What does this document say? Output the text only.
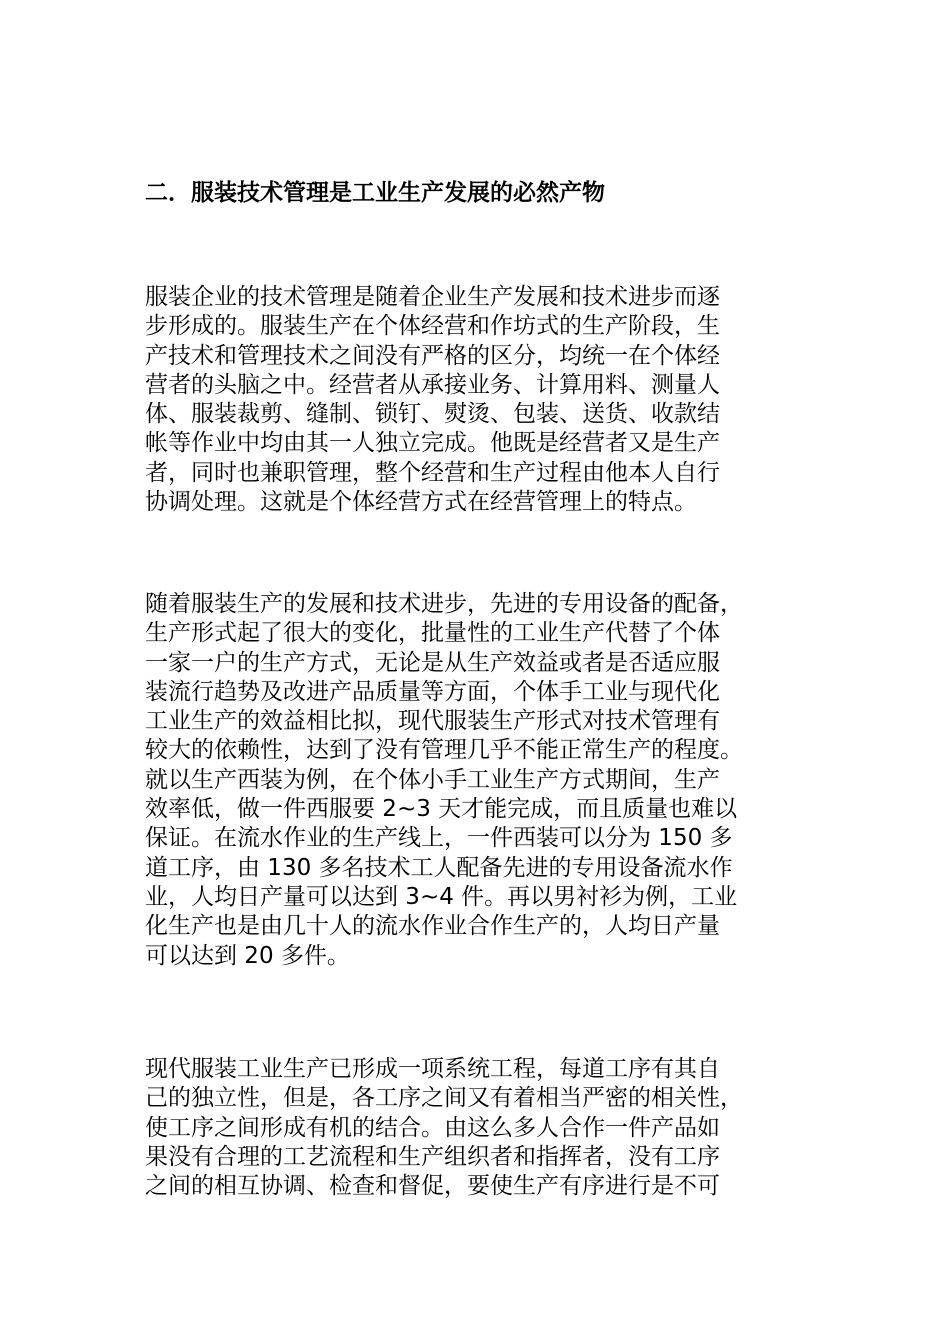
二．服装技术管理是工业生产发展的必然产物
服装企业的技术管理是随着企业生产发展和技术进步而逐
步形成的。服装生产在个体经营和作坊式的生产阶段，生
产技术和管理技术之间没有严格的区分，均统一在个体经
营者的头脑之中。经营者从承接业务、计算用料、测量人
体、服装裁剪、缝制、锁钉、熨烫、包装、送货、收款结
帐等作业中均由其一人独立完成。他既是经营者又是生产
者，同时也兼职管理，整个经营和生产过程由他本人自行
协调处理。这就是个体经营方式在经营管理上的特点。
随着服装生产的发展和技术进步，先进的专用设备的配备，
生产形式起了很大的变化，批量性的工业生产代替了个体
一家一户的生产方式，无论是从生产效益或者是否适应服
装流行趋势及改进产品质量等方面，个体手工业与现代化
工业生产的效益相比拟，现代服装生产形式对技术管理有
较大的依赖性，达到了没有管理几乎不能正常生产的程度。
就以生产西装为例，在个体小手工业生产方式期间，生产
效率低，做一件西服要 2~3 天才能完成，而且质量也难以
保证。在流水作业的生产线上，一件西装可以分为 150 多
道工序，由 130 多名技术工人配备先进的专用设备流水作
业，人均日产量可以达到 3~4 件。再以男衬衫为例，工业
化生产也是由几十人的流水作业合作生产的，人均日产量
可以达到 20 多件。
现代服装工业生产已形成一项系统工程，每道工序有其自
己的独立性，但是，各工序之间又有着相当严密的相关性，
使工序之间形成有机的结合。由这么多人合作一件产品如
果没有合理的工艺流程和生产组织者和指挥者，没有工序
之间的相互协调、检查和督促，要使生产有序进行是不可
